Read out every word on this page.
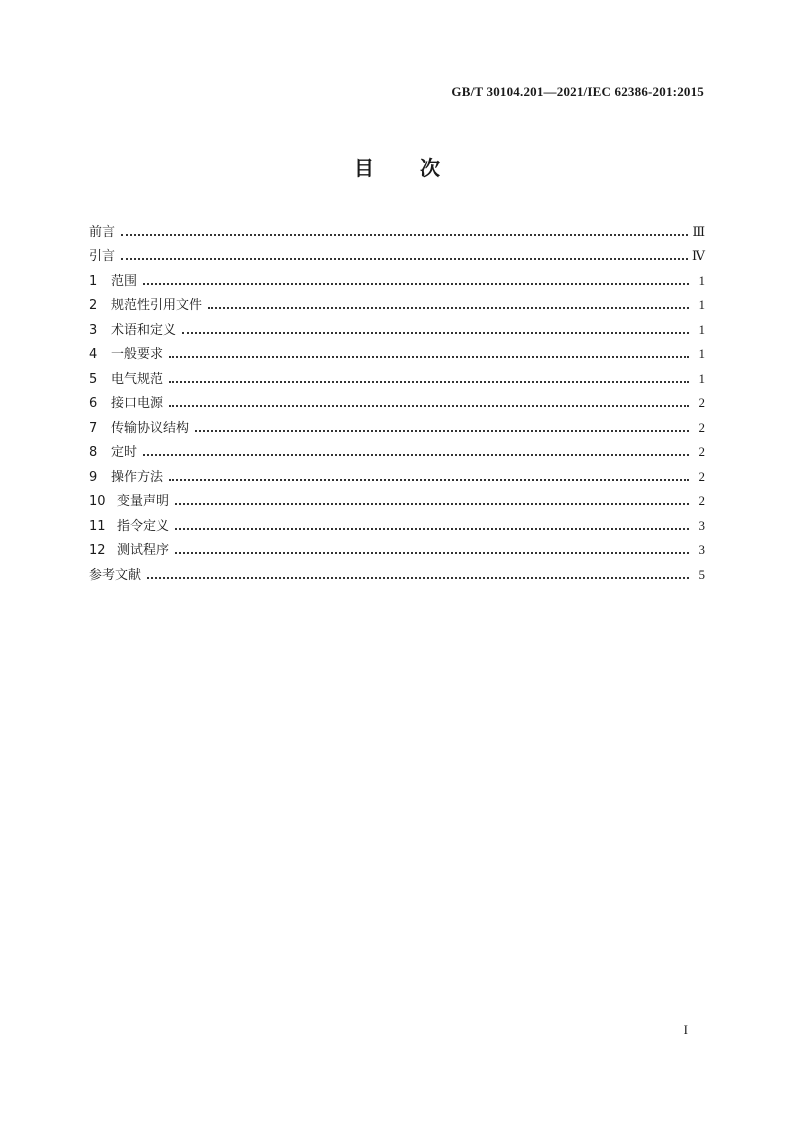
GB/T 30104.201—2021/IEC 62386-201:2015
目 次
前言	Ⅲ
引言	Ⅳ
1	范围	1
2	规范性引用文件	1
3	术语和定义	1
4	一般要求	1
5	电气规范	1
6	接口电源	2
7	传输协议结构	2
8	定时	2
9	操作方法	2
10 变量声明	2
11 指令定义	3
12 测试程序	3
参考文献	5
I
